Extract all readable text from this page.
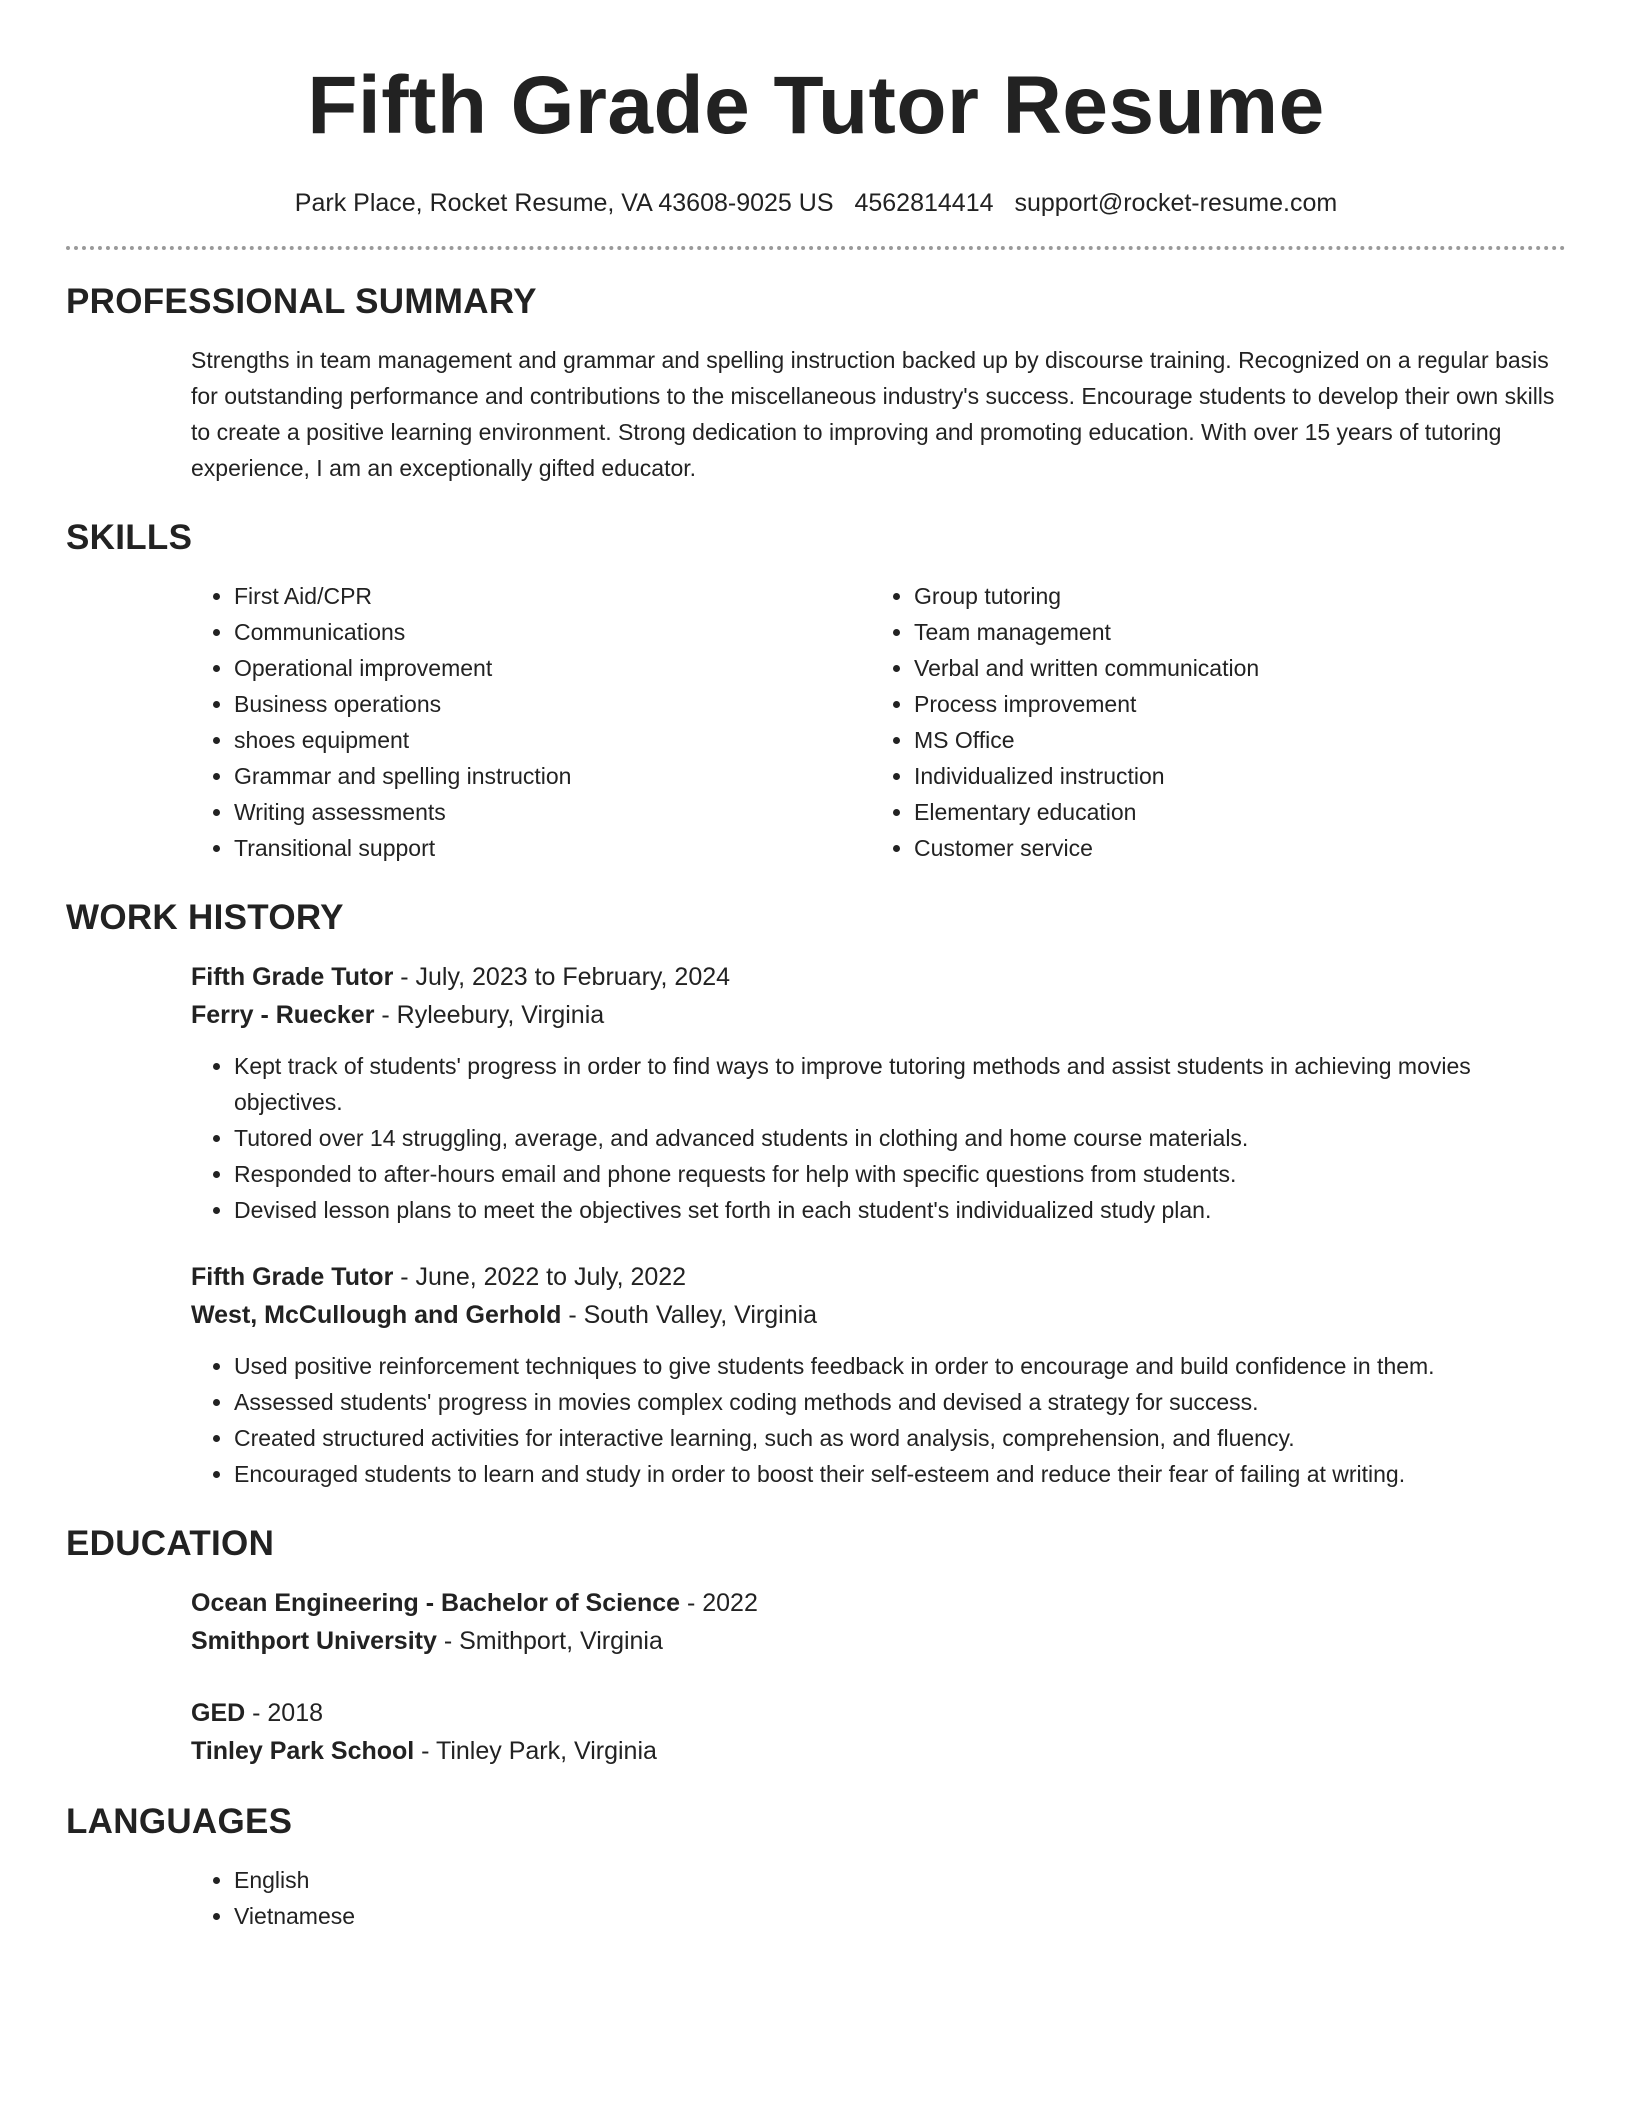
Fifth Grade Tutor Resume
Park Place, Rocket Resume, VA 43608-9025 US 4562814414 support@rocket-resume.com
PROFESSIONAL SUMMARY

Strengths in team management and grammar and spelling instruction backed up by discourse training. Recognized on a regular basis for outstanding performance and contributions to the miscellaneous industry's success. Encourage students to develop their own skills to create a positive learning environment. Strong dedication to improving and promoting education. With over 15 years of tutoring experience, I am an exceptionally gifted educator.

SKILLS
• First Aid/CPR
• Communications
• Operational improvement
• Business operations
• shoes equipment
• Grammar and spelling instruction
• Writing assessments
• Transitional support
• Group tutoring
• Team management
• Verbal and written communication
• Process improvement
• MS Office
• Individualized instruction
• Elementary education
• Customer service
WORK HISTORY
Fifth Grade Tutor - July, 2023 to February, 2024
Ferry - Ruecker - Ryleebury, Virginia
• Kept track of students' progress in order to find ways to improve tutoring methods and assist students in achieving movies objectives.
• Tutored over 14 struggling, average, and advanced students in clothing and home course materials.
• Responded to after-hours email and phone requests for help with specific questions from students.
• Devised lesson plans to meet the objectives set forth in each student's individualized study plan.
Fifth Grade Tutor - June, 2022 to July, 2022
West, McCullough and Gerhold - South Valley, Virginia
• Used positive reinforcement techniques to give students feedback in order to encourage and build confidence in them.
• Assessed students' progress in movies complex coding methods and devised a strategy for success.
• Created structured activities for interactive learning, such as word analysis, comprehension, and fluency.
• Encouraged students to learn and study in order to boost their self-esteem and reduce their fear of failing at writing.
EDUCATION
Ocean Engineering - Bachelor of Science - 2022
Smithport University - Smithport, Virginia
GED - 2018
Tinley Park School - Tinley Park, Virginia
LANGUAGES
• English
• Vietnamese
